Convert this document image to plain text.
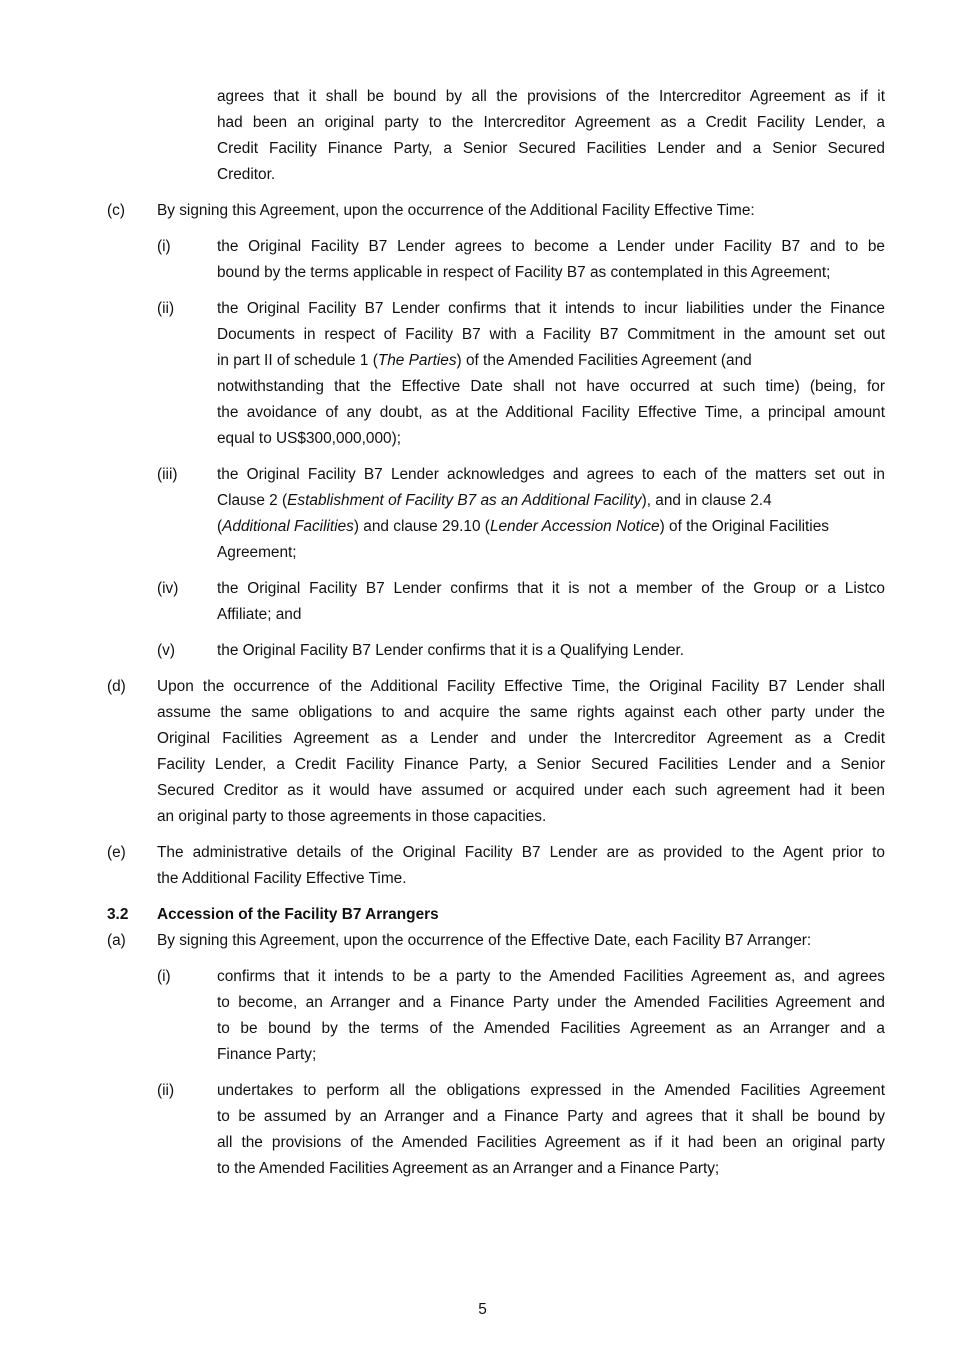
agrees that it shall be bound by all the provisions of the Intercreditor Agreement as if it
had been an original party to the Intercreditor Agreement as a Credit Facility Lender, a
Credit Facility Finance Party, a Senior Secured Facilities Lender and a Senior Secured
Creditor.
(c) By signing this Agreement, upon the occurrence of the Additional Facility Effective Time:
(i)	the Original Facility B7 Lender agrees to become a Lender under Facility B7 and to be
bound by the terms applicable in respect of Facility B7 as contemplated in this Agreement;
(ii)	the Original Facility B7 Lender confirms that it intends to incur liabilities under the Finance
Documents in respect of Facility B7 with a Facility B7 Commitment in the amount set out
in part II of schedule 1 (The Parties) of the Amended Facilities Agreement (and
notwithstanding that the Effective Date shall not have occurred at such time) (being, for
the avoidance of any doubt, as at the Additional Facility Effective Time, a principal amount
equal to US$300,000,000);
(iii)	the Original Facility B7 Lender acknowledges and agrees to each of the matters set out in
Clause 2 (Establishment of Facility B7 as an Additional Facility), and in clause 2.4
(Additional Facilities) and clause 29.10 (Lender Accession Notice) of the Original Facilities
Agreement;
(iv)	the Original Facility B7 Lender confirms that it is not a member of the Group or a Listco
Affiliate; and
(v)	the Original Facility B7 Lender confirms that it is a Qualifying Lender.
(d) Upon the occurrence of the Additional Facility Effective Time, the Original Facility B7 Lender shall
assume the same obligations to and acquire the same rights against each other party under the
Original Facilities Agreement as a Lender and under the Intercreditor Agreement as a Credit
Facility Lender, a Credit Facility Finance Party, a Senior Secured Facilities Lender and a Senior
Secured Creditor as it would have assumed or acquired under each such agreement had it been
an original party to those agreements in those capacities.
(e) The administrative details of the Original Facility B7 Lender are as provided to the Agent prior to
the Additional Facility Effective Time.
3.2 Accession of the Facility B7 Arrangers
(a) By signing this Agreement, upon the occurrence of the Effective Date, each Facility B7 Arranger:
(i)	confirms that it intends to be a party to the Amended Facilities Agreement as, and agrees
to become, an Arranger and a Finance Party under the Amended Facilities Agreement and
to be bound by the terms of the Amended Facilities Agreement as an Arranger and a
Finance Party;
(ii)	undertakes to perform all the obligations expressed in the Amended Facilities Agreement
to be assumed by an Arranger and a Finance Party and agrees that it shall be bound by
all the provisions of the Amended Facilities Agreement as if it had been an original party
to the Amended Facilities Agreement as an Arranger and a Finance Party;
5
